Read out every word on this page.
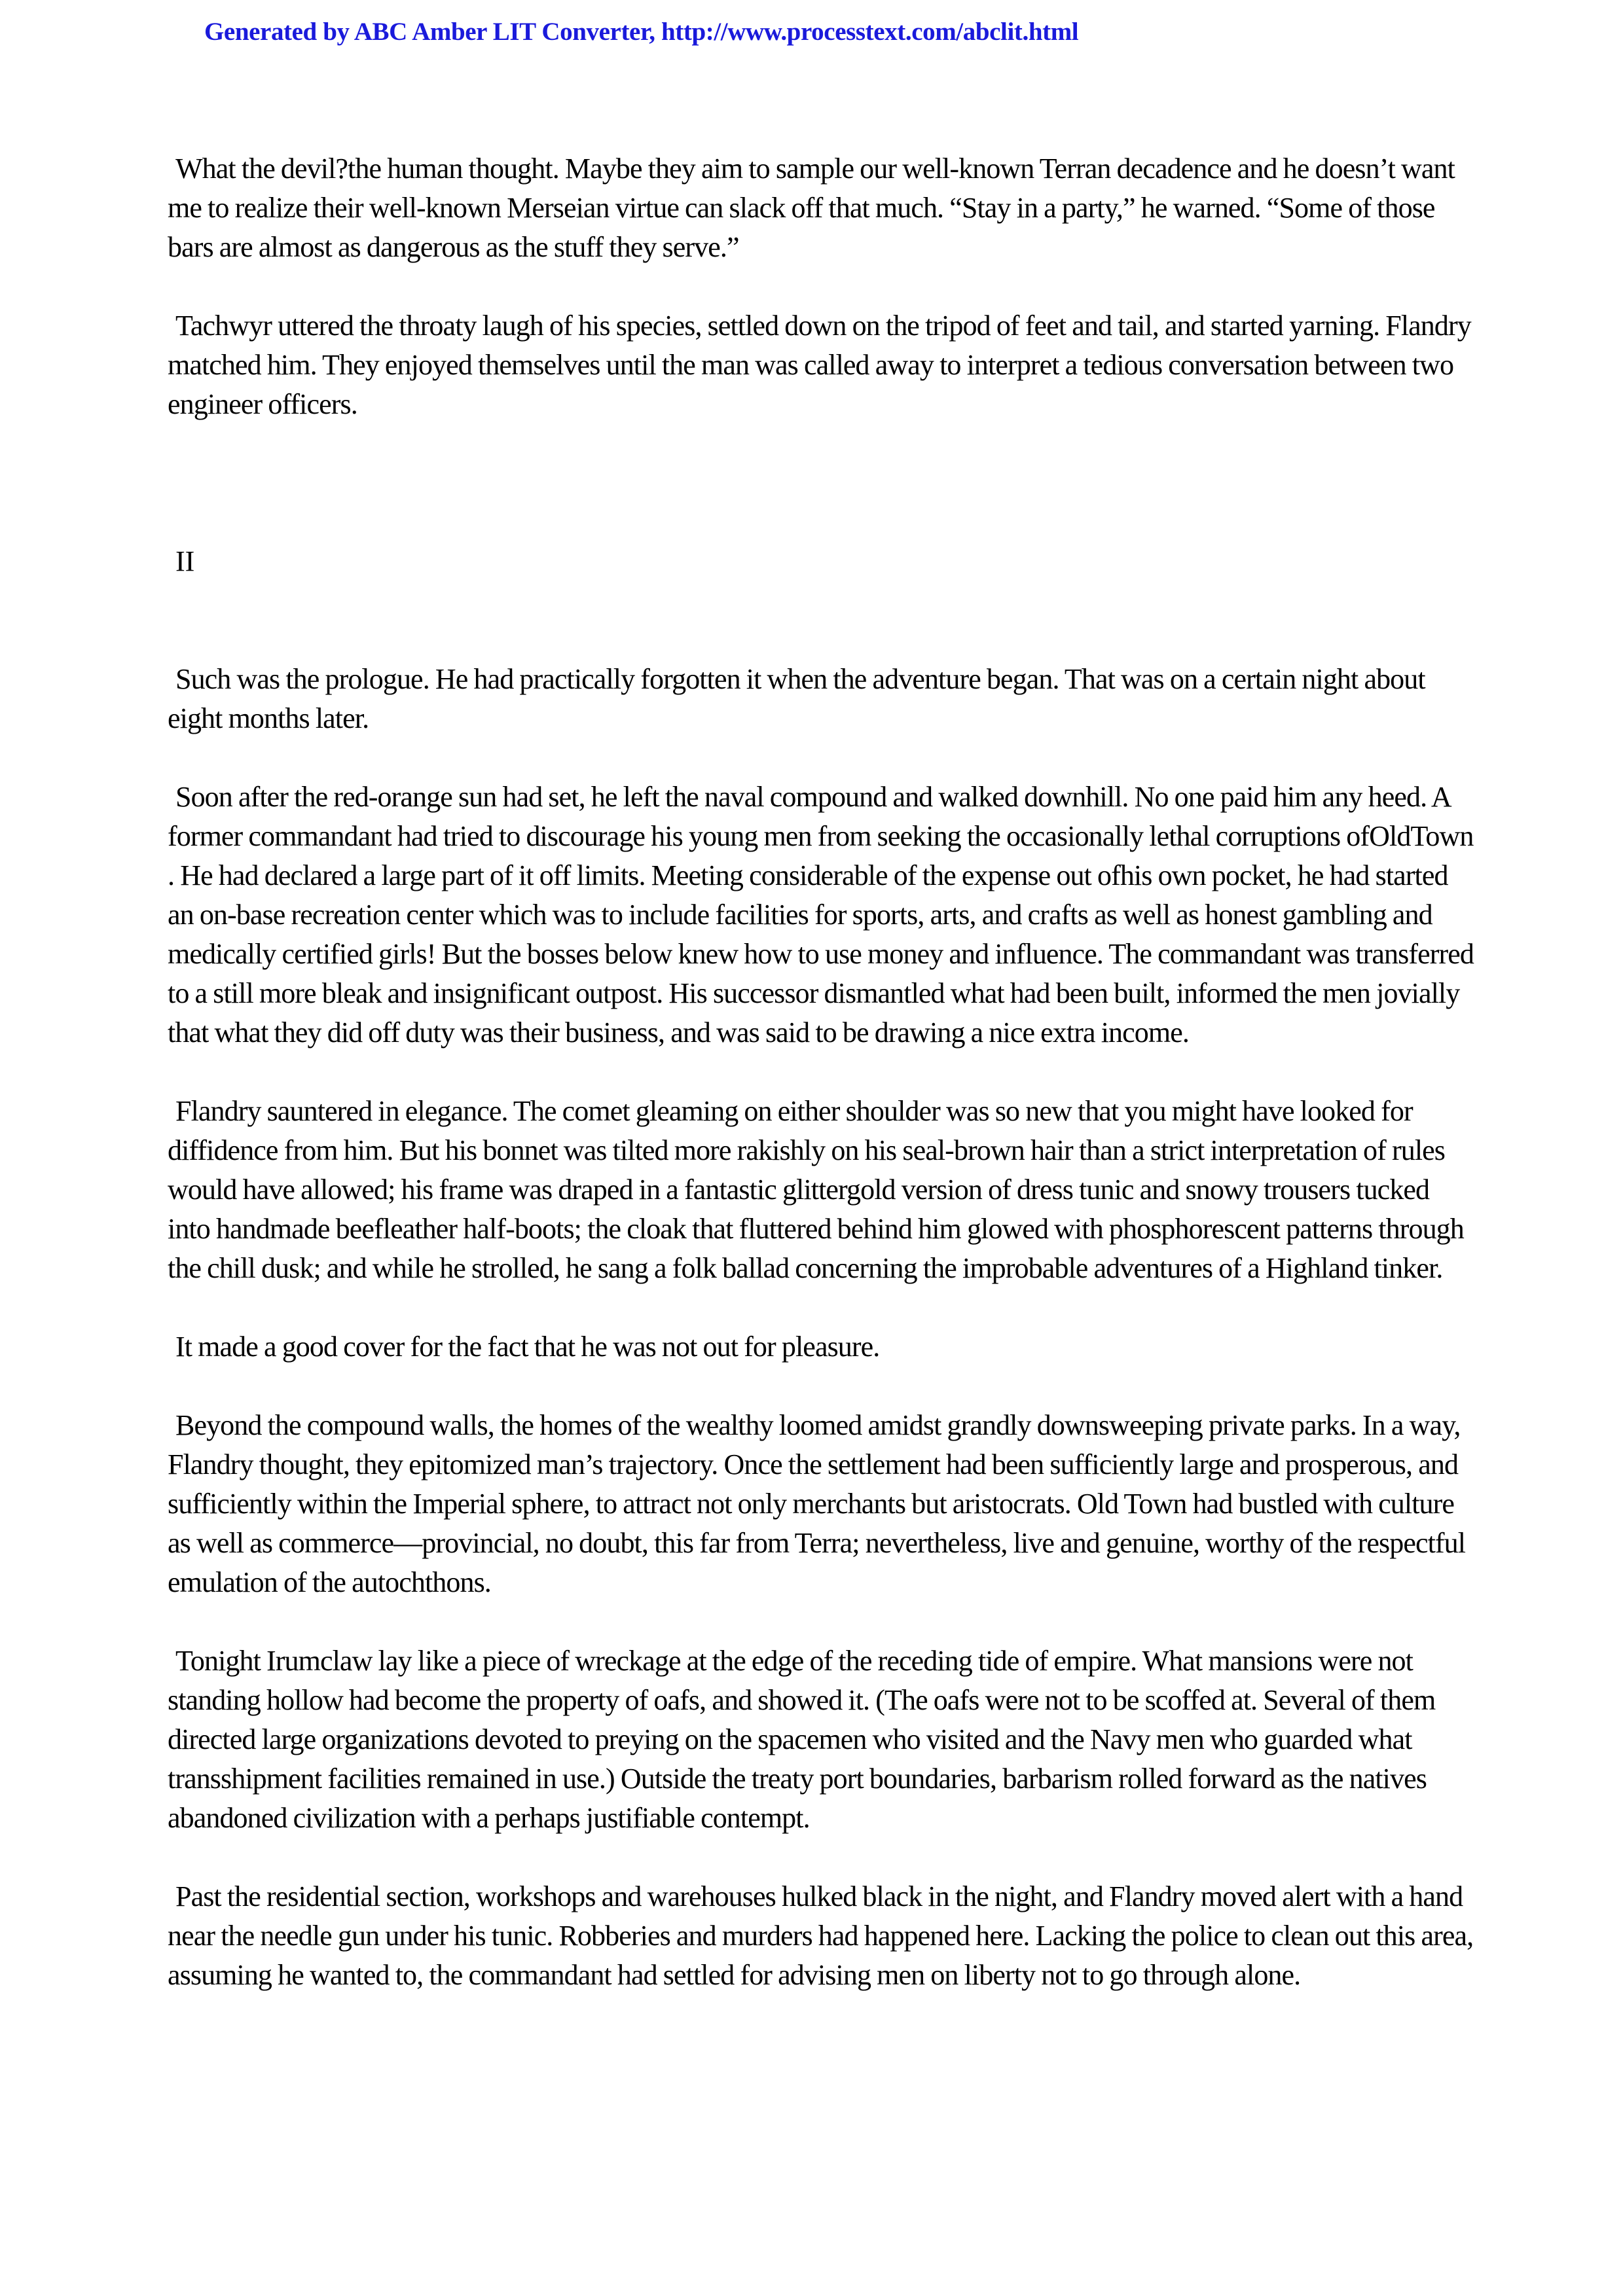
Generated by ABC Amber LIT Converter, http://www.processtext.com/abclit.html

What the devil?the human thought. Maybe they aim to sample our well-known Terran decadence and he doesn’t want me to realize their well-known Merseian virtue can slack off that much. “Stay in a party,” he warned. “Some of those bars are almost as dangerous as the stuff they serve.”

Tachwyr uttered the throaty laugh of his species, settled down on the tripod of feet and tail, and started yarning. Flandry matched him. They enjoyed themselves until the man was called away to interpret a tedious conversation between two engineer officers.

II

Such was the prologue. He had practically forgotten it when the adventure began. That was on a certain night about eight months later.

Soon after the red-orange sun had set, he left the naval compound and walked downhill. No one paid him any heed. A former commandant had tried to discourage his young men from seeking the occasionally lethal corruptions ofOldTown . He had declared a large part of it off limits. Meeting considerable of the expense out ofhis own pocket, he had started an on-base recreation center which was to include facilities for sports, arts, and crafts as well as honest gambling and medically certified girls! But the bosses below knew how to use money and influence. The commandant was transferred to a still more bleak and insignificant outpost. His successor dismantled what had been built, informed the men jovially that what they did off duty was their business, and was said to be drawing a nice extra income.

Flandry sauntered in elegance. The comet gleaming on either shoulder was so new that you might have looked for diffidence from him. But his bonnet was tilted more rakishly on his seal-brown hair than a strict interpretation of rules would have allowed; his frame was draped in a fantastic glittergold version of dress tunic and snowy trousers tucked into handmade beefleather half-boots; the cloak that fluttered behind him glowed with phosphorescent patterns through the chill dusk; and while he strolled, he sang a folk ballad concerning the improbable adventures of a Highland tinker.

It made a good cover for the fact that he was not out for pleasure.

Beyond the compound walls, the homes of the wealthy loomed amidst grandly downsweeping private parks. In a way, Flandry thought, they epitomized man’s trajectory. Once the settlement had been sufficiently large and prosperous, and sufficiently within the Imperial sphere, to attract not only merchants but aristocrats. Old Town had bustled with culture as well as commerce—provincial, no doubt, this far from Terra; nevertheless, live and genuine, worthy of the respectful emulation of the autochthons.

Tonight Irumclaw lay like a piece of wreckage at the edge of the receding tide of empire. What mansions were not standing hollow had become the property of oafs, and showed it. (The oafs were not to be scoffed at. Several of them directed large organizations devoted to preying on the spacemen who visited and the Navy men who guarded what transshipment facilities remained in use.) Outside the treaty port boundaries, barbarism rolled forward as the natives abandoned civilization with a perhaps justifiable contempt.

Past the residential section, workshops and warehouses hulked black in the night, and Flandry moved alert with a hand near the needle gun under his tunic. Robberies and murders had happened here. Lacking the police to clean out this area, assuming he wanted to, the commandant had settled for advising men on liberty not to go through alone.
